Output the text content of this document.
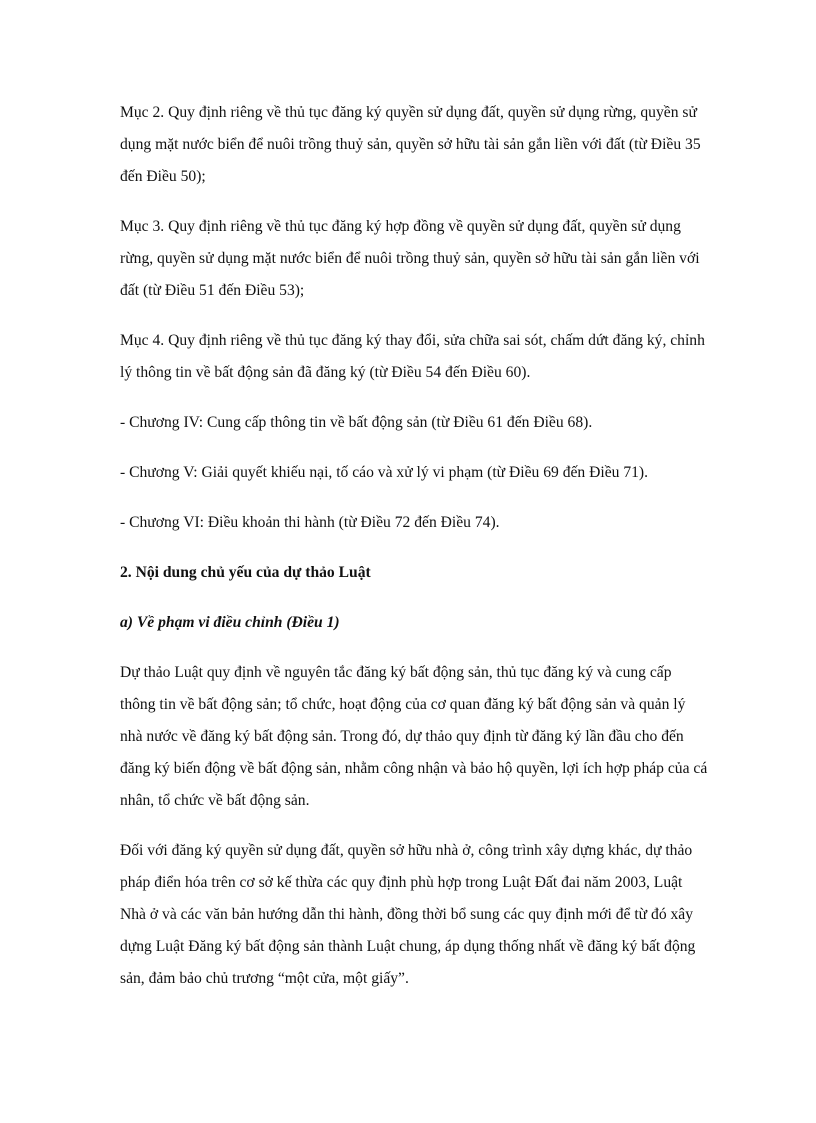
Mục 2. Quy định riêng về thủ tục đăng ký quyền sử dụng đất, quyền sử dụng rừng, quyền sử dụng mặt nước biển để nuôi trồng thuỷ sản, quyền sở hữu tài sản gắn liền với đất (từ Điều 35 đến Điều 50);

Mục 3. Quy định riêng về thủ tục đăng ký hợp đồng về quyền sử dụng đất, quyền sử dụng rừng, quyền sử dụng mặt nước biển để nuôi trồng thuỷ sản, quyền sở hữu tài sản gắn liền với đất (từ Điều 51 đến Điều 53);

Mục 4. Quy định riêng về thủ tục đăng ký thay đổi, sửa chữa sai sót, chấm dứt đăng ký, chỉnh lý thông tin về bất động sản đã đăng ký (từ Điều 54 đến Điều 60).

- Chương IV: Cung cấp thông tin về bất động sản (từ Điều 61 đến Điều 68).

- Chương V: Giải quyết khiếu nại, tố cáo và xử lý vi phạm (từ Điều 69 đến Điều 71).

- Chương VI: Điều khoản thi hành (từ Điều 72 đến Điều 74).

2. Nội dung chủ yếu của dự thảo Luật

a) Về phạm vi điều chỉnh (Điều 1)

Dự thảo Luật quy định về nguyên tắc đăng ký bất động sản, thủ tục đăng ký và cung cấp thông tin về bất động sản; tổ chức, hoạt động của cơ quan đăng ký bất động sản và quản lý nhà nước về đăng ký bất động sản. Trong đó, dự thảo quy định từ đăng ký lần đầu cho đến đăng ký biến động về bất động sản, nhằm công nhận và bảo hộ quyền, lợi ích hợp pháp của cá nhân, tổ chức về bất động sản.

Đối với đăng ký quyền sử dụng đất, quyền sở hữu nhà ở, công trình xây dựng khác, dự thảo pháp điển hóa trên cơ sở kế thừa các quy định phù hợp trong Luật Đất đai năm 2003, Luật Nhà ở và các văn bản hướng dẫn thi hành, đồng thời bổ sung các quy định mới để từ đó xây dựng Luật Đăng ký bất động sản thành Luật chung, áp dụng thống nhất về đăng ký bất động sản, đảm bảo chủ trương “một cửa, một giấy”.
